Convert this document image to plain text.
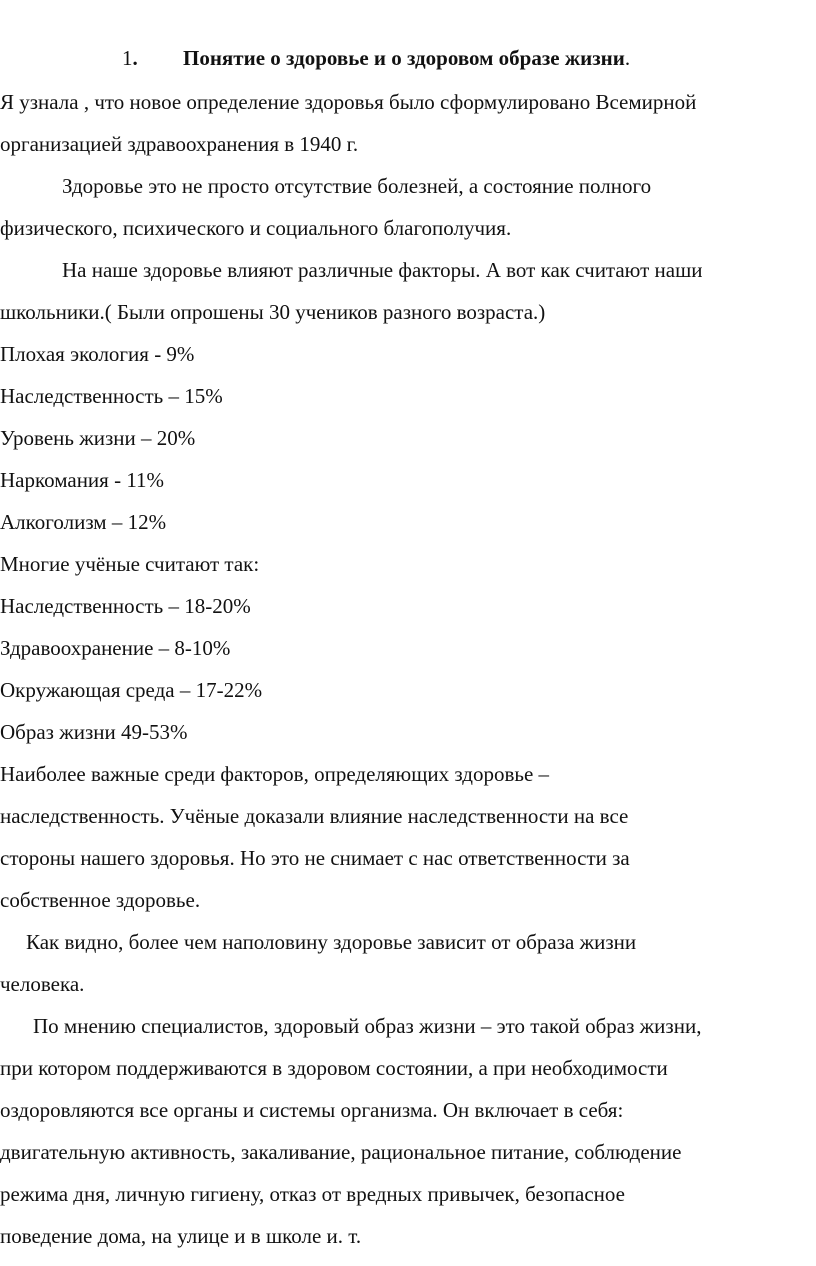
1. Понятие о здоровье и о здоровом образе жизни.
Я узнала , что новое определение здоровья было сформулировано Всемирной
организацией здравоохранения в 1940 г.
Здоровье это не просто отсутствие болезней, а состояние полного
физического, психического и социального благополучия.
На наше здоровье влияют различные факторы. А вот как считают наши
школьники.( Были опрошены 30 учеников разного возраста.)
Плохая экология - 9%
Наследственность – 15%
Уровень жизни – 20%
Наркомания - 11%
Алкоголизм – 12%
Многие учёные считают так:
Наследственность – 18-20%
Здравоохранение – 8-10%
Окружающая среда – 17-22%
Образ жизни 49-53%
Наиболее важные среди факторов, определяющих здоровье –
наследственность. Учёные доказали влияние наследственности на все
стороны нашего здоровья. Но это не снимает с нас ответственности за
собственное здоровье.
Как видно, более чем наполовину здоровье зависит от образа жизни
человека.
По мнению специалистов, здоровый образ жизни – это такой образ жизни,
при котором поддерживаются в здоровом состоянии, а при необходимости
оздоровляются все органы и системы организма. Он включает в себя:
двигательную активность, закаливание, рациональное питание, соблюдение
режима дня, личную гигиену, отказ от вредных привычек, безопасное
поведение дома, на улице и в школе и. т.
